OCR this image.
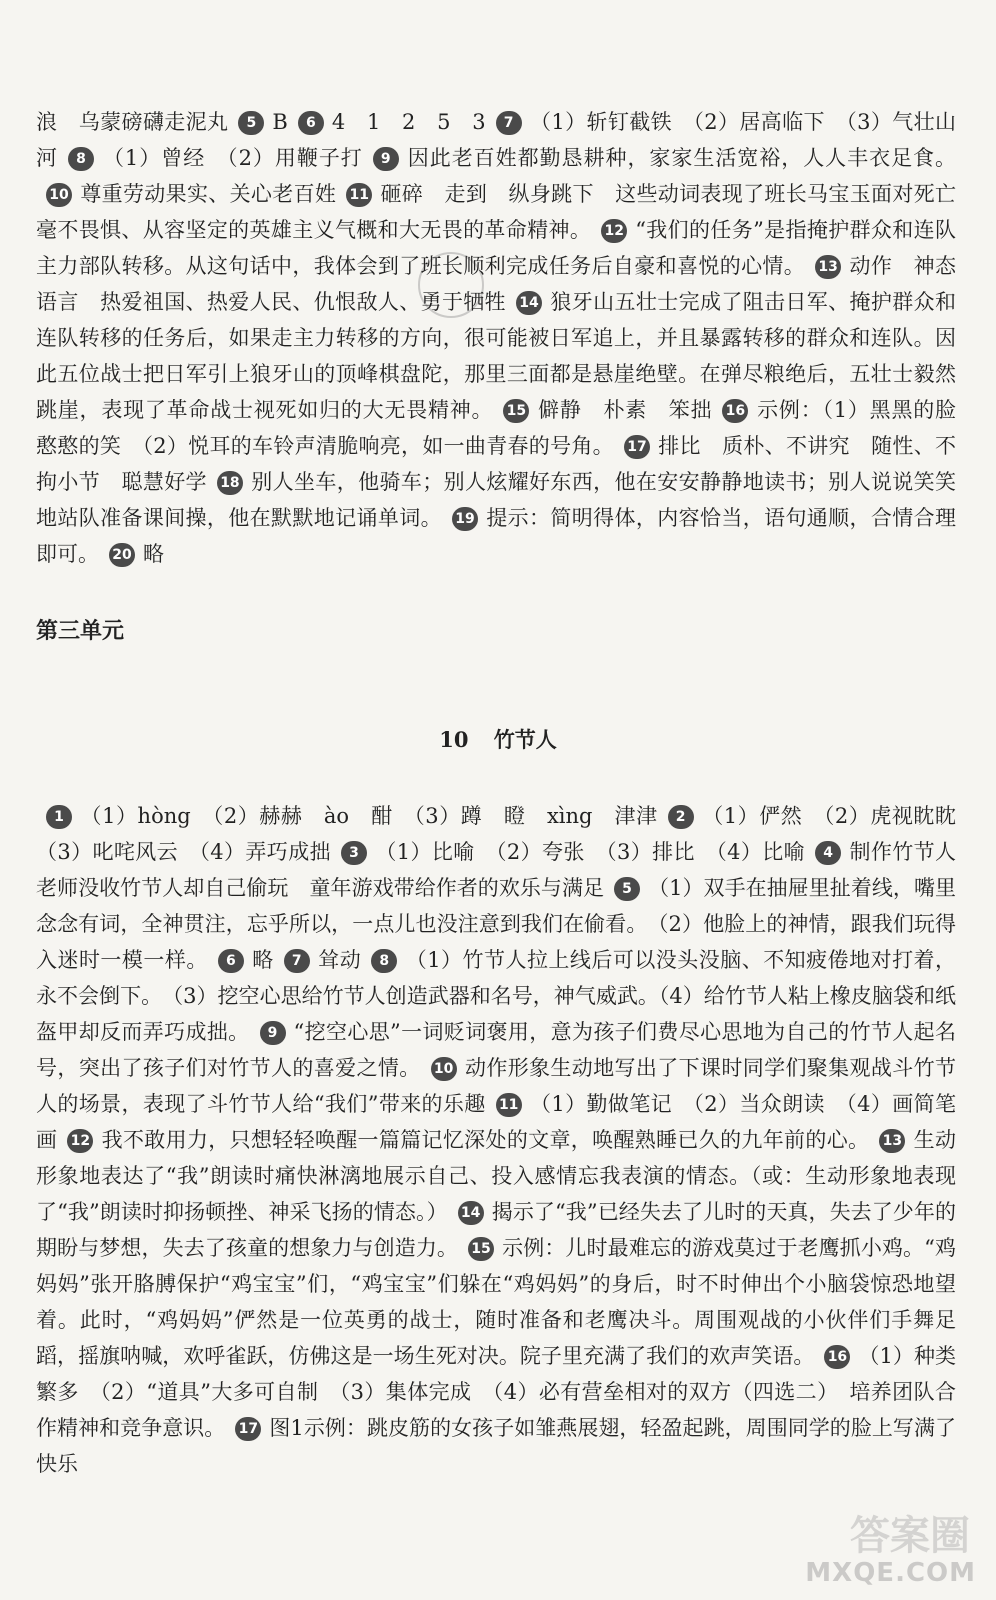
浪　乌蒙磅礴走泥丸 5 B 6 4　1　2　5　3 7 （1）斩钉截铁　（2）居高临下　（3）气壮山河 8 （1）曾经　（2）用鞭子打 9 因此老百姓都勤恳耕种，家家生活宽裕，人人丰衣足食。10 尊重劳动果实、关心老百姓 11 砸碎　走到　纵身跳下　这些动词表现了班长马宝玉面对死亡毫不畏惧、从容坚定的英雄主义气概和大无畏的革命精神。 12 “我们的任务”是指掩护群众和连队主力部队转移。从这句话中，我体会到了班长顺利完成任务后自豪和喜悦的心情。 13 动作　神态　语言　热爱祖国、热爱人民、仇恨敌人、勇于牺牲 14 狼牙山五壮士完成了阻击日军、掩护群众和连队转移的任务后，如果走主力转移的方向，很可能被日军追上，并且暴露转移的群众和连队。因此五位战士把日军引上狼牙山的顶峰棋盘陀，那里三面都是悬崖绝壁。在弹尽粮绝后，五壮士毅然跳崖，表现了革命战士视死如归的大无畏精神。 15 僻静　朴素　笨拙 16 示例：（1）黑黑的脸　憨憨的笑　（2）悦耳的车铃声清脆响亮，如一曲青春的号角。 17 排比　质朴、不讲究　随性、不拘小节　聪慧好学 18 别人坐车，他骑车；别人炫耀好东西，他在安安静静地读书；别人说说笑笑地站队准备课间操，他在默默地记诵单词。 19 提示：简明得体，内容恰当，语句通顺，合情合理即可。 20 略

第三单元
10 竹节人

1 （1）hòng　（2）赫赫　ào　酣　（3）蹲　瞪　xìng　津津 2 （1）俨然　（2）虎视眈眈　（3）叱咤风云　（4）弄巧成拙 3 （1）比喻　（2）夸张　（3）排比　（4）比喻 4 制作竹节人　老师没收竹节人却自己偷玩　童年游戏带给作者的欢乐与满足 5 （1）双手在抽屉里扯着线，嘴里念念有词，全神贯注，忘乎所以，一点儿也没注意到我们在偷看。　（2）他脸上的神情，跟我们玩得入迷时一模一样。 6 略 7 耸动 8 （1）竹节人拉上线后可以没头没脑、不知疲倦地对打着，永不会倒下。　（3）挖空心思给竹节人创造武器和名号，神气威武。（4）给竹节人粘上橡皮脑袋和纸盔甲却反而弄巧成拙。 9 “挖空心思”一词贬词褒用，意为孩子们费尽心思地为自己的竹节人起名号，突出了孩子们对竹节人的喜爱之情。 10 动作形象生动地写出了下课时同学们聚集观战斗竹节人的场景，表现了斗竹节人给“我们”带来的乐趣 11 （1）勤做笔记　（2）当众朗读　（4）画简笔画 12 我不敢用力，只想轻轻唤醒一篇篇记忆深处的文章，唤醒熟睡已久的九年前的心。 13 生动形象地表达了“我”朗读时痛快淋漓地展示自己、投入感情忘我表演的情态。（或：生动形象地表现了“我”朗读时抑扬顿挫、神采飞扬的情态。） 14 揭示了“我”已经失去了儿时的天真，失去了少年的期盼与梦想，失去了孩童的想象力与创造力。 15 示例：儿时最难忘的游戏莫过于老鹰抓小鸡。“鸡妈妈”张开胳膊保护“鸡宝宝”们，“鸡宝宝”们躲在“鸡妈妈”的身后，时不时伸出个小脑袋惊恐地望着。此时，“鸡妈妈”俨然是一位英勇的战士，随时准备和老鹰决斗。周围观战的小伙伴们手舞足蹈，摇旗呐喊，欢呼雀跃，仿佛这是一场生死对决。院子里充满了我们的欢声笑语。 16 （1）种类繁多　（2）“道具”大多可自制　（3）集体完成　（4）必有营垒相对的双方（四选二）　培养团队合作精神和竞争意识。 17 图1示例：跳皮筋的女孩子如雏燕展翅，轻盈起跳，周围同学的脸上写满了快乐

答案圈
MXQE.COM
